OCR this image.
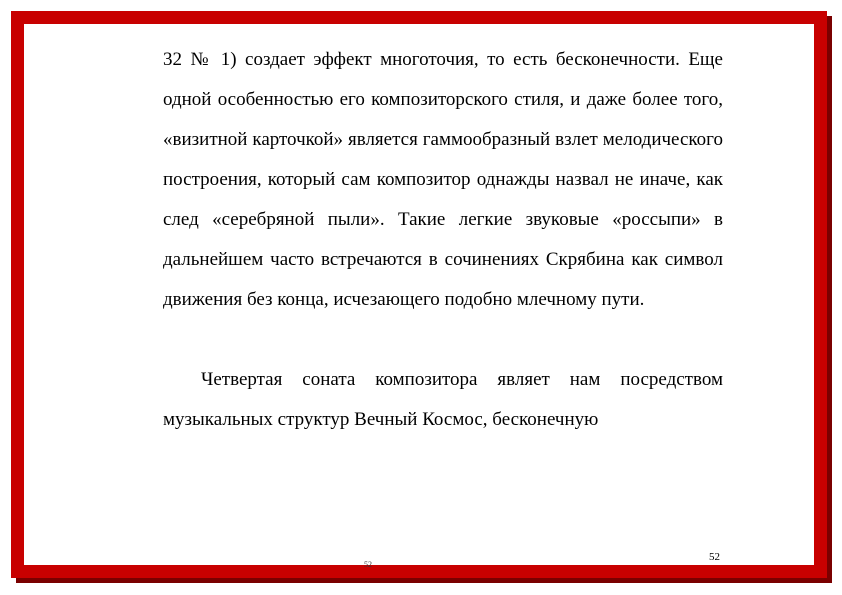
32 № 1) создает эффект многоточия, то есть бесконечности. Еще одной особенностью его композиторского стиля, и даже более того, «визитной карточкой» является гаммообразный взлет мелодического построения, который сам композитор однажды назвал не иначе, как след «серебряной пыли». Такие легкие звуковые «россыпи» в дальнейшем часто встречаются в сочинениях Скрябина как символ движения без конца, исчезающего подобно млечному пути.

Четвертая соната композитора являет нам посредством музыкальных структур Вечный Космос, бесконечную

52
52
